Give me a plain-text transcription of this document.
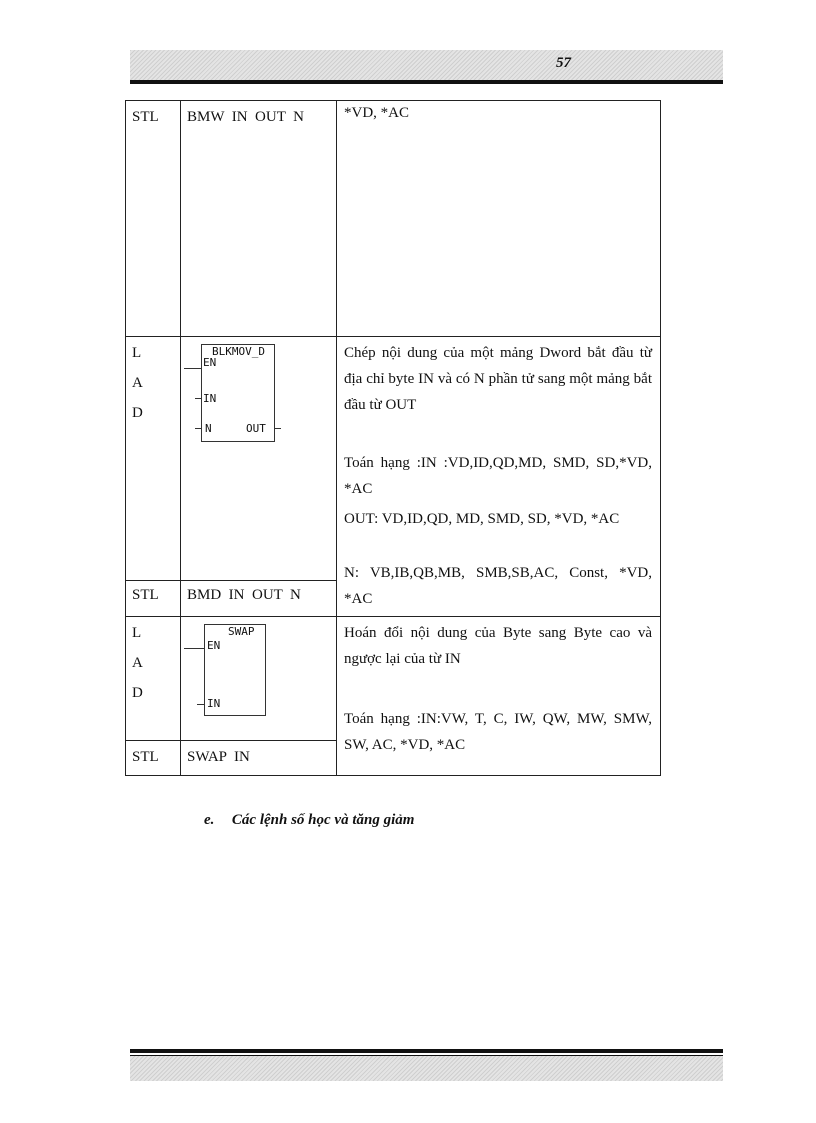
57
STL BMW  IN  OUT  N	*VD, *AC
L
A
D
BLKMOV_D
EN
IN
N	OUT
STL BMD  IN  OUT  N

Chép nội dung của một mảng Dword bắt đầu từ địa chỉ byte IN và có N phần tử sang một mảng bắt đầu từ OUT

Toán hạng :IN :VD,ID,QD,MD, SMD, SD,*VD, *AC
OUT: VD,ID,QD, MD, SMD, SD, *VD, *AC
N: VB,IB,QB,MB, SMB,SB,AC, Const, *VD, *AC
L
A
D
SWAP
EN
IN
STL SWAP  IN
Hoán đổi nội dung của Byte sang Byte cao và ngược lại của từ IN
Toán hạng :IN:VW, T, C, IW, QW, MW, SMW, SW, AC, *VD, *AC
e. Các lệnh số học và tăng giảm
